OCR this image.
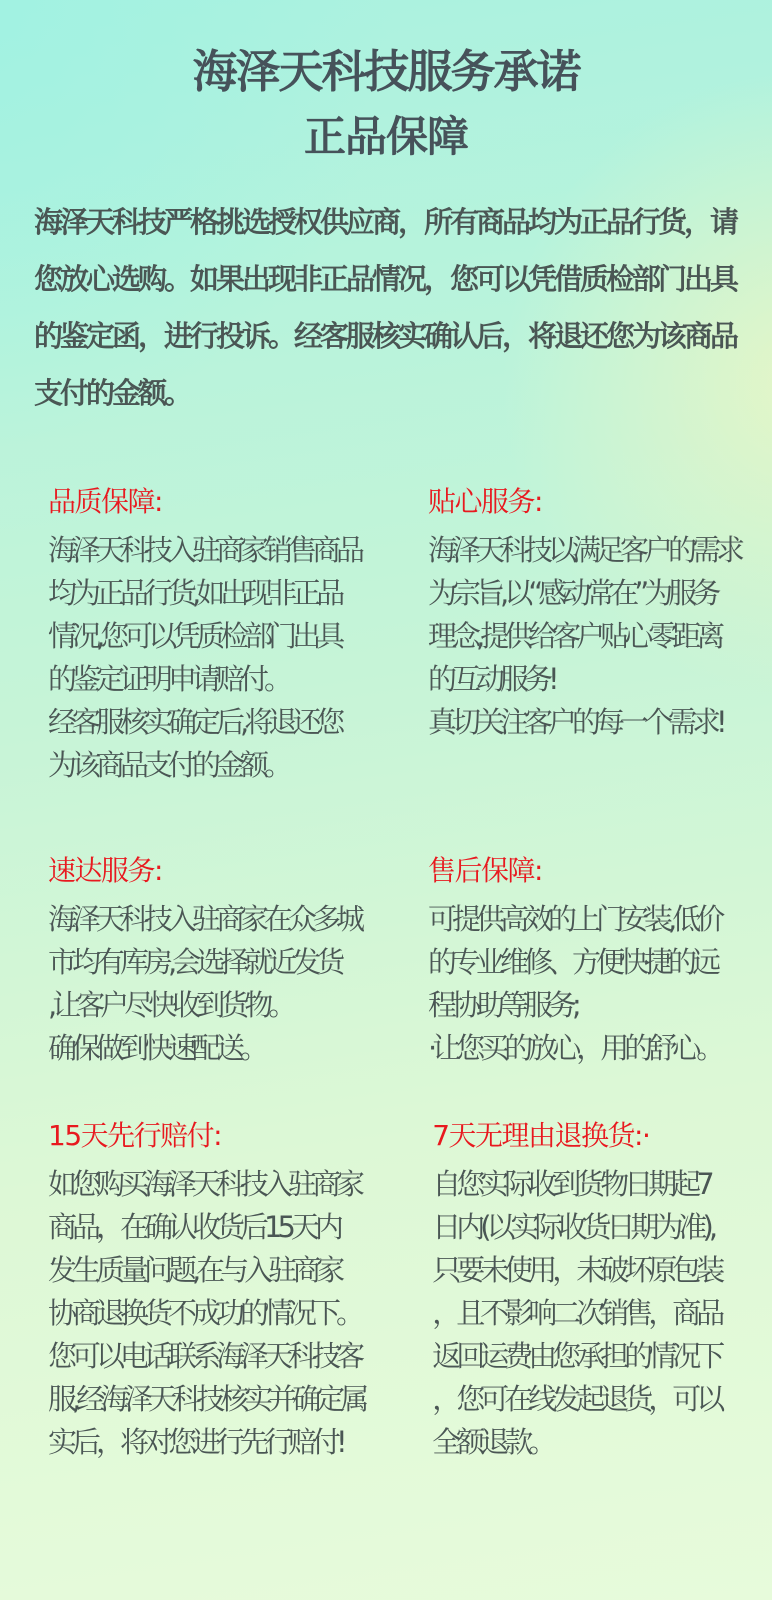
海泽天科技服务承诺
正品保障
海泽天科技严格挑选授权供应商，所有商品均为正品行货，请
您放心选购。如果出现非正品情况，您可以凭借质检部门出具
的鉴定函，进行投诉。经客服核实确认后，将退还您为该商品
支付的金额。
品质保障:
海泽天科技入驻商家销售商品
均为正品行货,如出现非正品
情况,您可以凭质检部门出具
的鉴定证明申请赔付。
经客服核实确定后,将退还您
为该商品支付的金额。
贴心服务:
海泽天科技以满足客户的需求
为宗旨,以“感动常在”为服务
理念,提供给客户贴心零距离
的互动服务!
真切关注客户的每一个需求!
速达服务:
海泽天科技入驻商家在众多城
市均有库房,会选择就近发货
,让客户尽快收到货物。
确保做到快速配送。
售后保障:
可提供高效的上门安装,低价
的专业维修、方便快捷的远
程协助等服务;
·让您买的放心，用的舒心。
15天先行赔付:
如您购买海泽天科技入驻商家
商品，在确认收货后15天内
发生质量问题,在与入驻商家
协商退换货不成功的情况下。
您可以电话联系海泽天科技客
服,经海泽天科技核实并确定属
实后，将对您进行先行赔付!
7天无理由退换货:·
自您实际收到货物日期起7
日内(以实际收货日期为准),
只要未使用，未破坏原包装
，且不影响二次销售，商品
返回运费由您承担的情况下
，您可在线发起退货，可以
全额退款。
